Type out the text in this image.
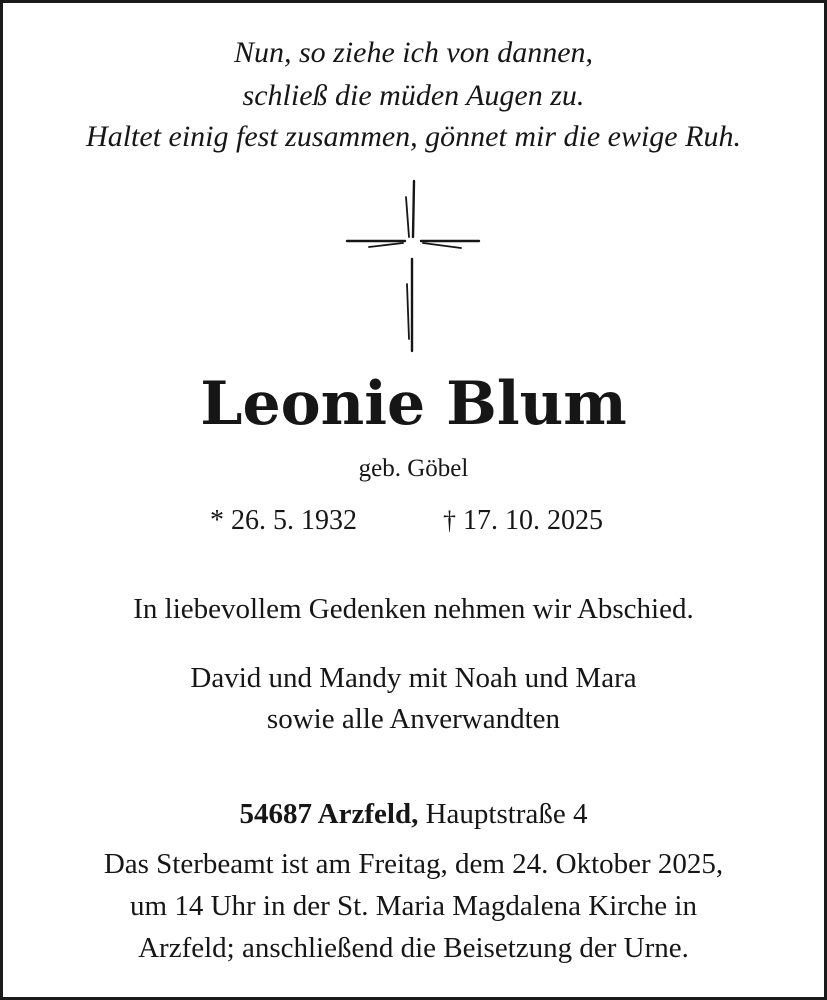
Nun, so ziehe ich von dannen,
schließ die müden Augen zu.
Haltet einig fest zusammen, gönnet mir die ewige Ruh.
Leonie Blum
geb. Göbel
* 26. 5. 1932	† 17. 10. 2025
In liebevollem Gedenken nehmen wir Abschied.
David und Mandy mit Noah und Mara
sowie alle Anverwandten
54687 Arzfeld, Hauptstraße 4
Das Sterbeamt ist am Freitag, dem 24. Oktober 2025,
um 14 Uhr in der St. Maria Magdalena Kirche in
Arzfeld; anschließend die Beisetzung der Urne.
